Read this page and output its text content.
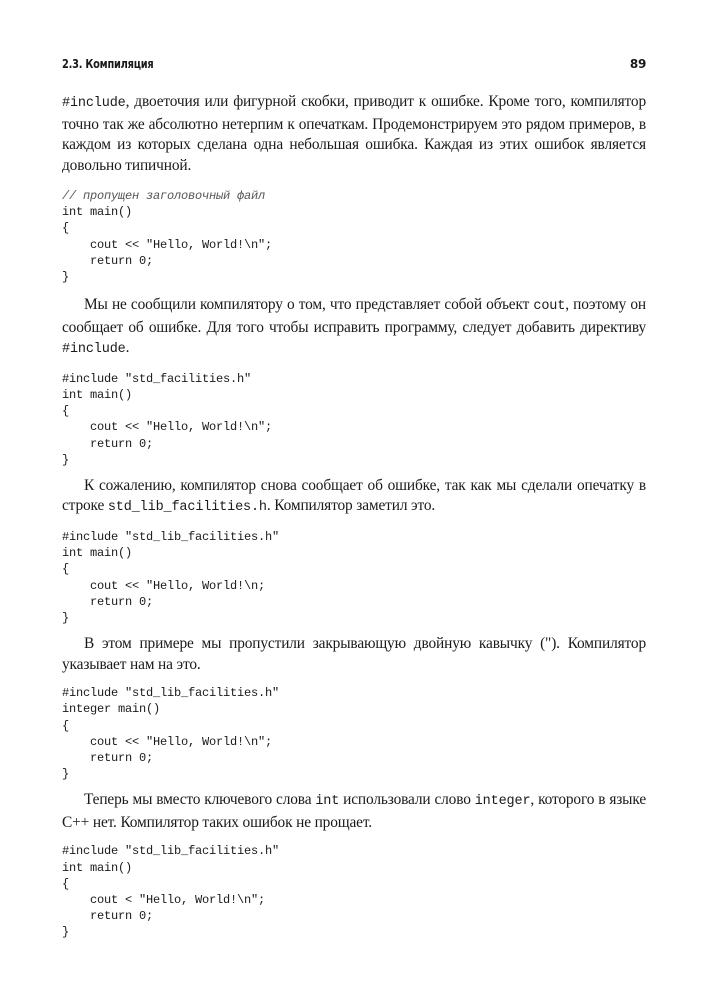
2.3. Компиляция	89

#include, двоеточия или фигурной скобки, приводит к ошибке. Кроме того, компилятор точно так же абсолютно нетерпим к опечаткам. Продемонстрируем это рядом примеров, в каждом из которых сделана одна небольшая ошибка. Каждая из этих ошибок является довольно типичной.

// пропущен заголовочный файл
int main()
{
cout << "Hello, World!\n";
return 0;
}

Мы не сообщили компилятору о том, что представляет собой объект cout, поэтому он сообщает об ошибке. Для того чтобы исправить программу, следует добавить директиву #include.

#include "std_facilities.h"
int main()
{
cout << "Hello, World!\n";
return 0;
}

К сожалению, компилятор снова сообщает об ошибке, так как мы сделали опечатку в строке std_lib_facilities.h. Компилятор заметил это.

#include "std_lib_facilities.h"
int main()
{
cout << "Hello, World!\n;
return 0;
}

В этом примере мы пропустили закрывающую двойную кавычку ("). Компилятор указывает нам на это.

#include "std_lib_facilities.h"
integer main()
{
cout << "Hello, World!\n";
return 0;
}

Теперь мы вместо ключевого слова int использовали слово integer, которого в языке C++ нет. Компилятор таких ошибок не прощает.

#include "std_lib_facilities.h"
int main()
{
cout < "Hello, World!\n";
return 0;
}
